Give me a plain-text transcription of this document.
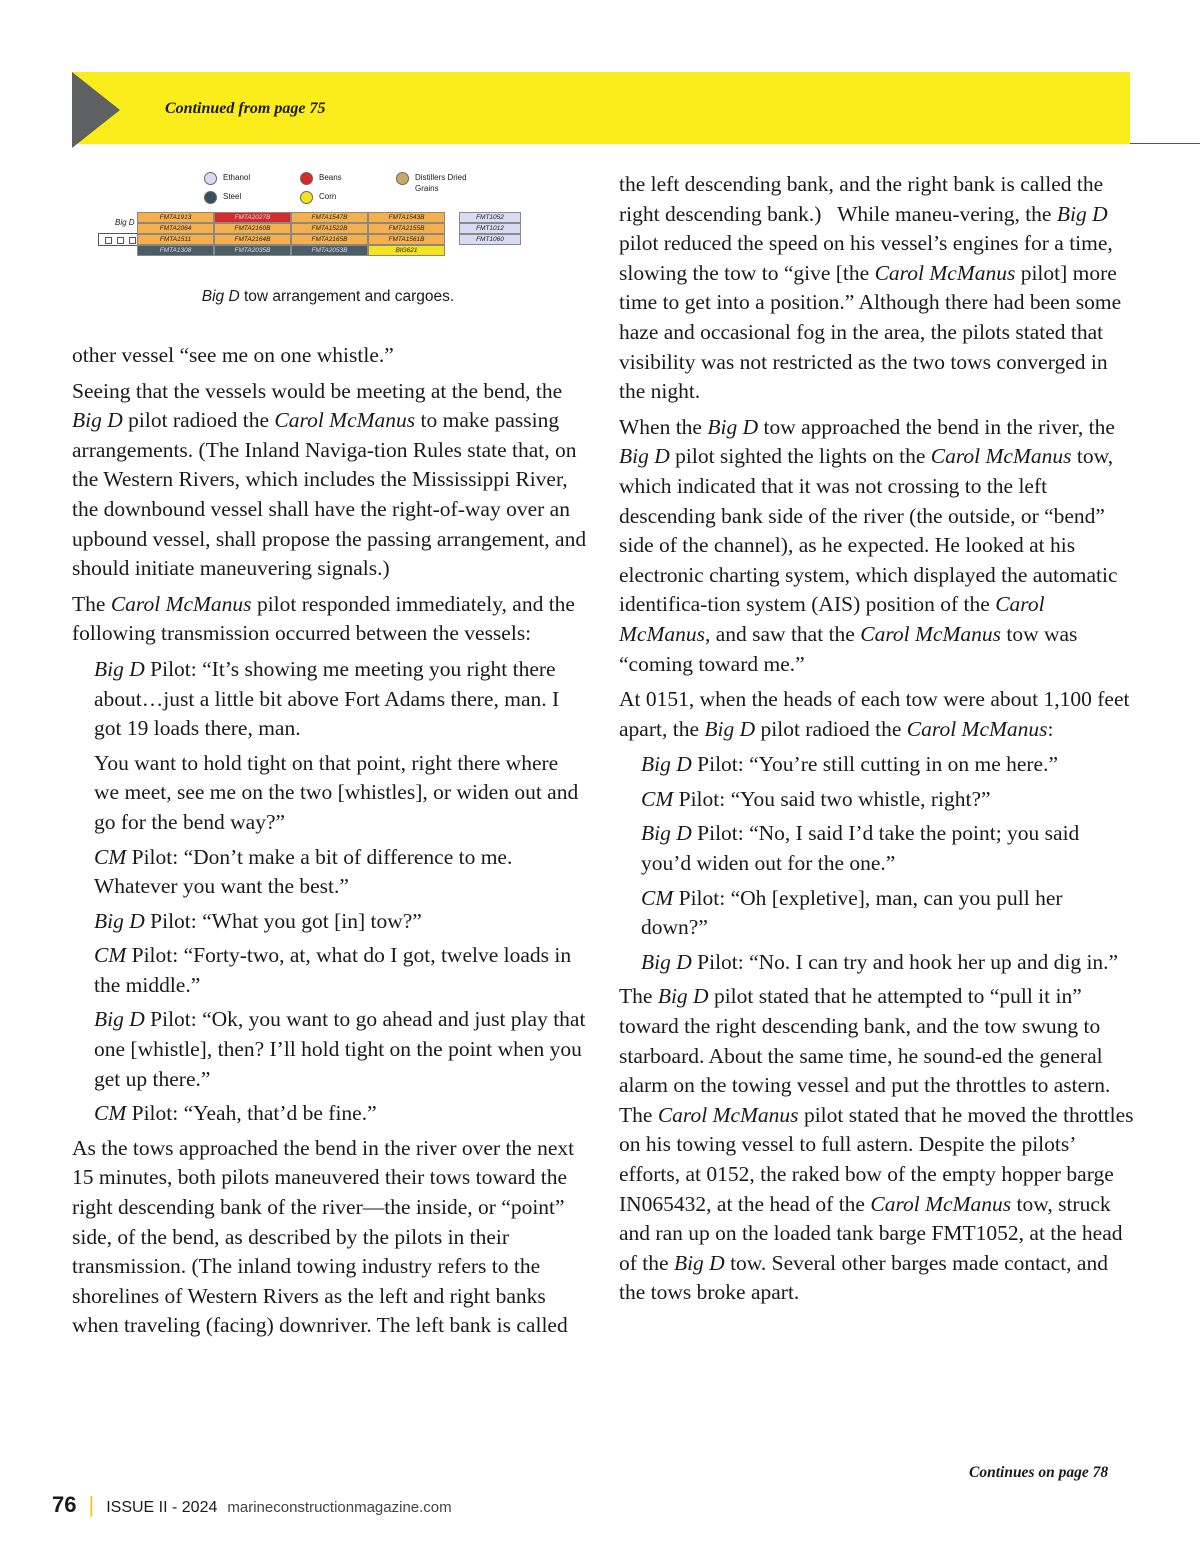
Continued from page 75
Ethanol	Beans	Distillers Dried Grains
Steel	Corn
Big D
FMTA1913	FMTA2027B	FMTA1547B	FMTA1543B	FMT1052
FMTA2064	FMTA2160B	FMTA1522B	FMTA2155B	FMT1012
FMTA1511	FMTA2164B	FMTA2165B	FMTA1561B	FMT1060
FMTA1308	FMTA2035B	FMTA2053B	BIG621
Big D tow arrangement and cargoes.

other vessel “see me on one whistle.”

Seeing that the vessels would be meeting at the bend, the Big D pilot radioed the Carol McManus to make passing arrangements. (The Inland Naviga-tion Rules state that, on the Western Rivers, which includes the Mississippi River, the downbound vessel shall have the right-of-way over an upbound vessel, shall propose the passing arrangement, and should initiate maneuvering signals.)

The Carol McManus pilot responded immediately, and the following transmission occurred between the vessels:

Big D Pilot: “It’s showing me meeting you right there about…just a little bit above Fort Adams there, man. I got 19 loads there, man.

You want to hold tight on that point, right there where we meet, see me on the two [whistles], or widen out and go for the bend way?”

CM Pilot: “Don’t make a bit of difference to me. Whatever you want the best.”

Big D Pilot: “What you got [in] tow?”

CM Pilot: “Forty-two, at, what do I got, twelve loads in the middle.”

Big D Pilot: “Ok, you want to go ahead and just play that one [whistle], then? I’ll hold tight on the point when you get up there.”

CM Pilot: “Yeah, that’d be fine.”

As the tows approached the bend in the river over the next 15 minutes, both pilots maneuvered their tows toward the right descending bank of the river—the inside, or “point” side, of the bend, as described by the pilots in their transmission. (The inland towing industry refers to the shorelines of Western Rivers as the left and right banks when traveling (facing) downriver. The left bank is called

the left descending bank, and the right bank is called the right descending bank.)   While maneu-vering, the Big D pilot reduced the speed on his vessel’s engines for a time, slowing the tow to “give [the Carol McManus pilot] more time to get into a position.” Although there had been some haze and occasional fog in the area, the pilots stated that visibility was not restricted as the two tows converged in the night.

When the Big D tow approached the bend in the river, the Big D pilot sighted the lights on the Carol McManus tow, which indicated that it was not crossing to the left descending bank side of the river (the outside, or “bend” side of the channel), as he expected. He looked at his electronic charting system, which displayed the automatic identifica-tion system (AIS) position of the Carol McManus, and saw that the Carol McManus tow was “coming toward me.”

At 0151, when the heads of each tow were about 1,100 feet apart, the Big D pilot radioed the Carol McManus:

Big D Pilot: “You’re still cutting in on me here.”

CM Pilot: “You said two whistle, right?”

Big D Pilot: “No, I said I’d take the point; you said you’d widen out for the one.”

CM Pilot: “Oh [expletive], man, can you pull her down?”

Big D Pilot: “No. I can try and hook her up and dig in.”

The Big D pilot stated that he attempted to “pull it in” toward the right descending bank, and the tow swung to starboard. About the same time, he sound-ed the general alarm on the towing vessel and put the throttles to astern. The Carol McManus pilot stated that he moved the throttles on his towing vessel to full astern. Despite the pilots’ efforts, at 0152, the raked bow of the empty hopper barge IN065432, at the head of the Carol McManus tow, struck and ran up on the loaded tank barge FMT1052, at the head of the Big D tow. Several other barges made contact, and the tows broke apart.

Continues on page 78
76 | ISSUE II - 2024 marineconstructionmagazine.com
